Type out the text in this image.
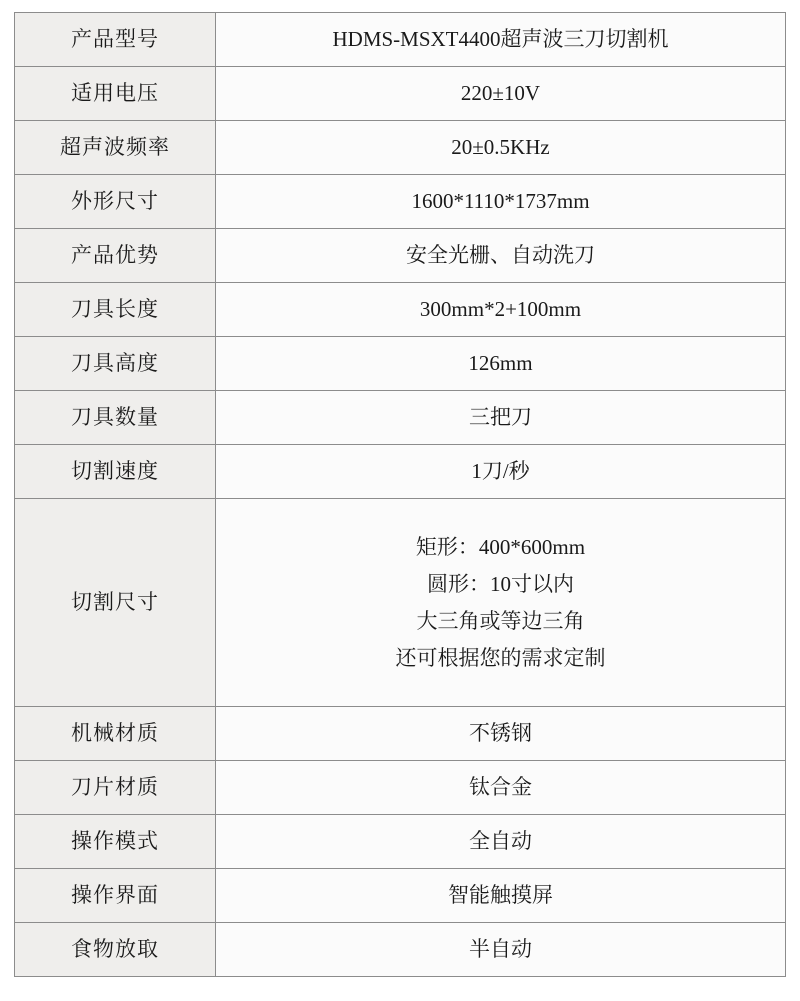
产品型号	HDMS-MSXT4400超声波三刀切割机
适用电压	220±10V
超声波频率	20±0.5KHz
外形尺寸	1600*1110*1737mm
产品优势	安全光栅、自动洗刀
刀具长度	300mm*2+100mm
刀具高度	126mm
刀具数量	三把刀
切割速度	1刀/秒
切割尺寸	矩形：400*600mm
圆形：10寸以内
大三角或等边三角
还可根据您的需求定制

机械材质	不锈钢
刀片材质	钛合金
操作模式	全自动
操作界面	智能触摸屏
食物放取	半自动
